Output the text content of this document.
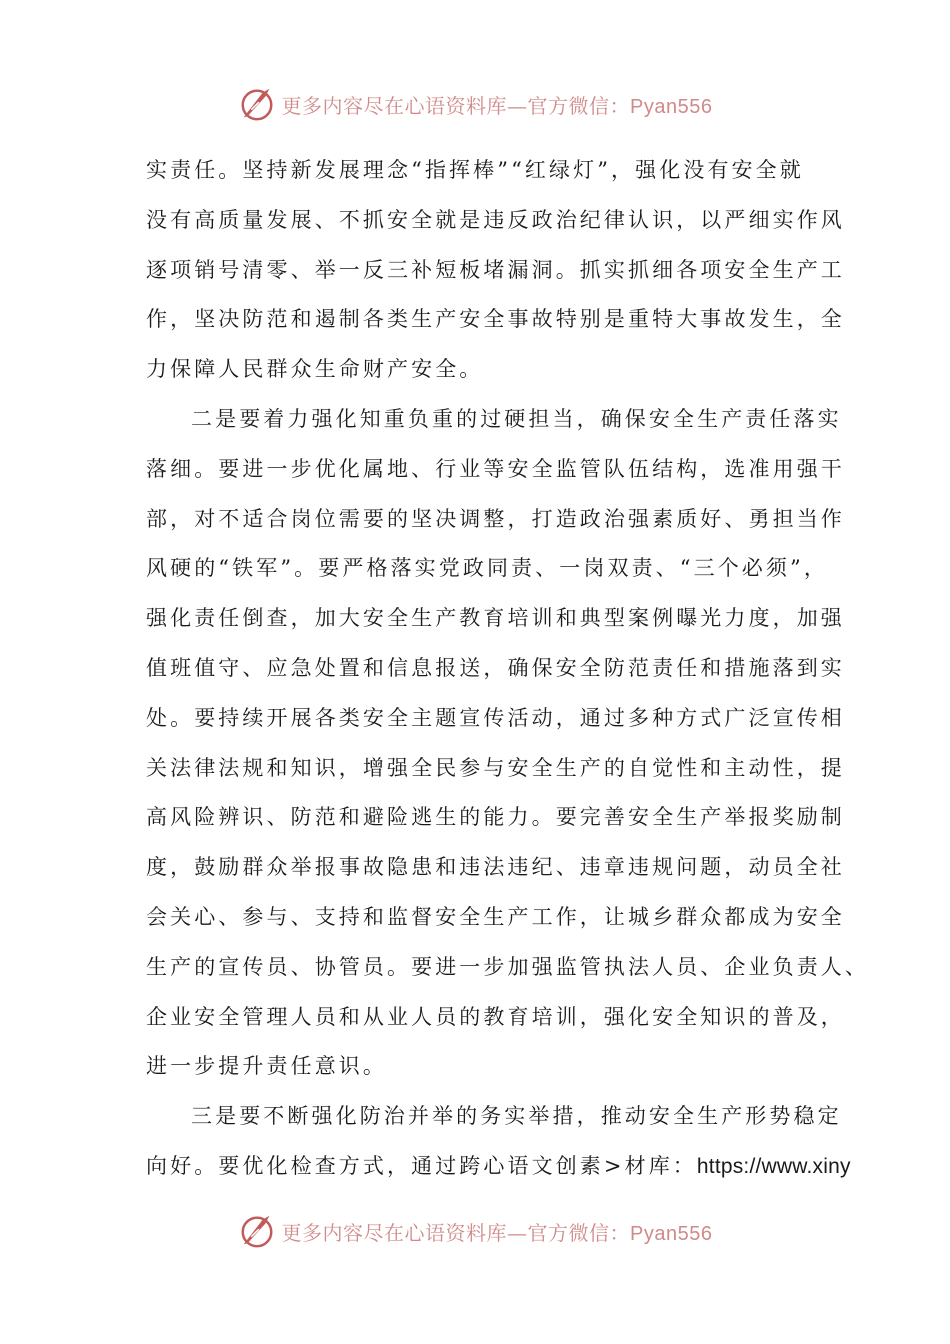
更多内容尽在心语资料库—官方微信：Pyan556
实责任。坚持新发展理念“指挥棒”“红绿灯”，强化没有安全就
没有高质量发展、不抓安全就是违反政治纪律认识，以严细实作风
逐项销号清零、举一反三补短板堵漏洞。抓实抓细各项安全生产工
作，坚决防范和遏制各类生产安全事故特别是重特大事故发生，全
力保障人民群众生命财产安全。
二是要着力强化知重负重的过硬担当，确保安全生产责任落实
落细。要进一步优化属地、行业等安全监管队伍结构，选准用强干
部，对不适合岗位需要的坚决调整，打造政治强素质好、勇担当作
风硬的“铁军”。要严格落实党政同责、一岗双责、“三个必须”，
强化责任倒查，加大安全生产教育培训和典型案例曝光力度，加强
值班值守、应急处置和信息报送，确保安全防范责任和措施落到实
处。要持续开展各类安全主题宣传活动，通过多种方式广泛宣传相
关法律法规和知识，增强全民参与安全生产的自觉性和主动性，提
高风险辨识、防范和避险逃生的能力。要完善安全生产举报奖励制
度，鼓励群众举报事故隐患和违法违纪、违章违规问题，动员全社
会关心、参与、支持和监督安全生产工作，让城乡群众都成为安全
生产的宣传员、协管员。要进一步加强监管执法人员、企业负责人、
企业安全管理人员和从业人员的教育培训，强化安全知识的普及，
进一步提升责任意识。
三是要不断强化防治并举的务实举措，推动安全生产形势稳定
向好。要优化检查方式，通过跨心语文创素>材库：https://www.xiny
更多内容尽在心语资料库—官方微信：Pyan556
